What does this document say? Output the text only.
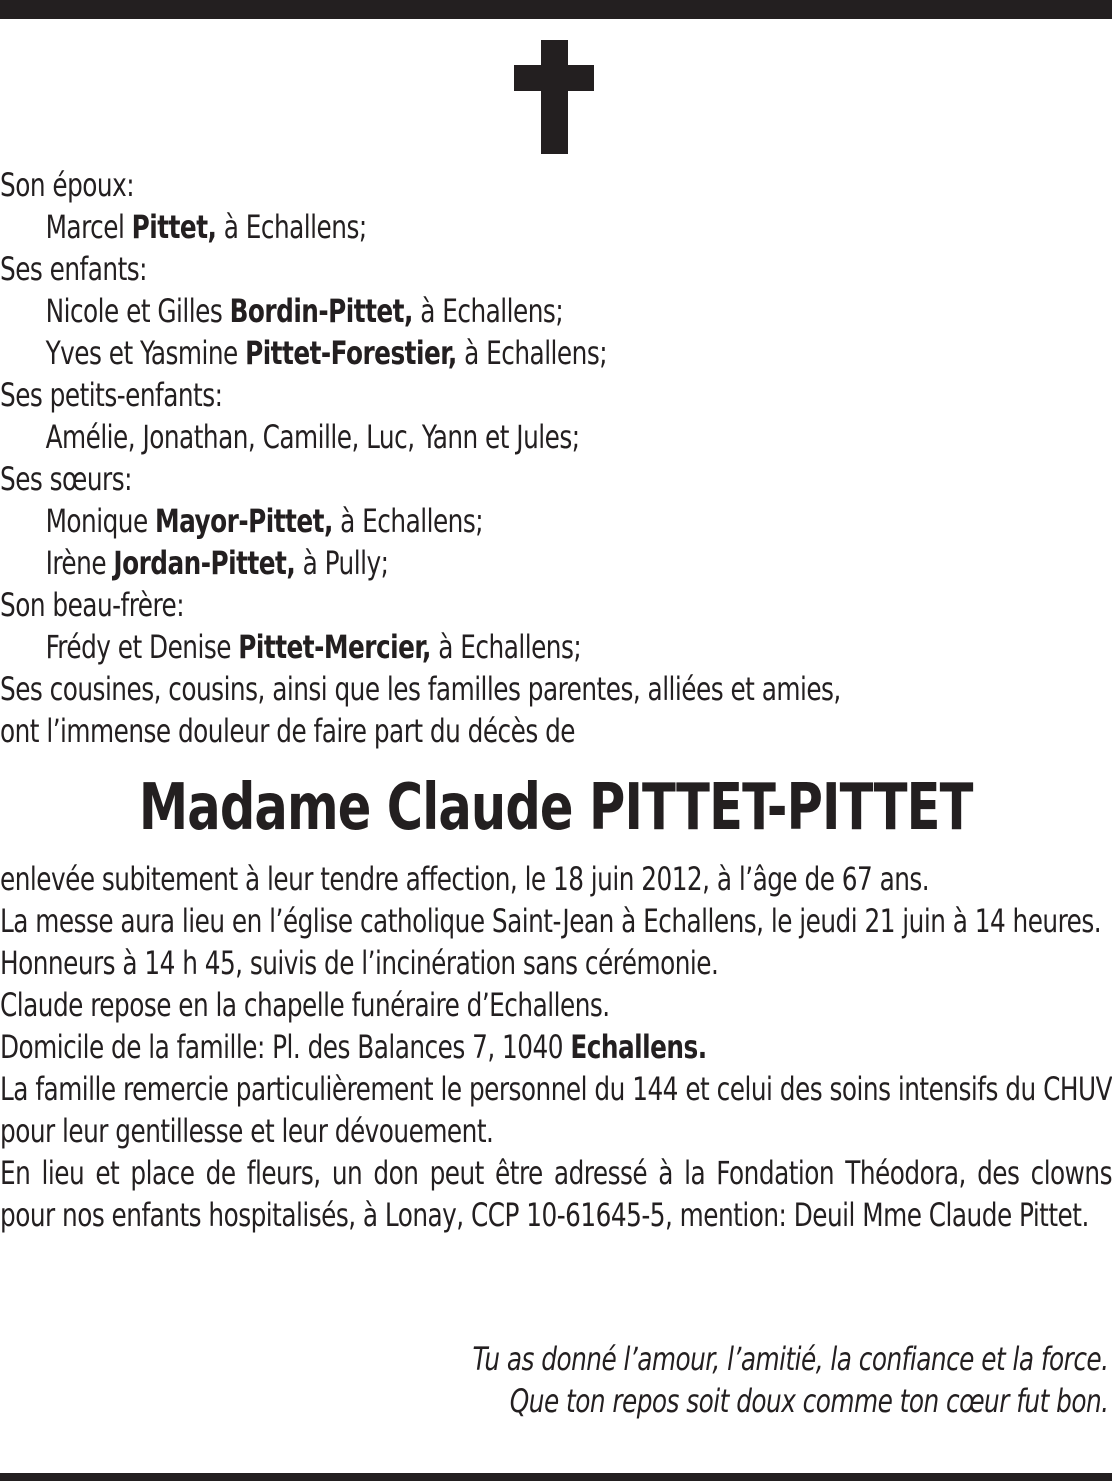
Son époux:
Marcel Pittet, à Echallens;
Ses enfants:
Nicole et Gilles Bordin-Pittet, à Echallens;
Yves et Yasmine Pittet-Forestier, à Echallens;
Ses petits-enfants:
Amélie, Jonathan, Camille, Luc, Yann et Jules;
Ses sœurs:
Monique Mayor-Pittet, à Echallens;
Irène Jordan-Pittet, à Pully;
Son beau-frère:
Frédy et Denise Pittet-Mercier, à Echallens;
Ses cousines, cousins, ainsi que les familles parentes, alliées et amies,
ont l’immense douleur de faire part du décès de
Madame Claude PITTET-PITTET
enlevée subitement à leur tendre affection, le 18 juin 2012, à l’âge de 67 ans.
La messe aura lieu en l’église catholique Saint-Jean à Echallens, le jeudi 21 juin à 14 heures.
Honneurs à 14 h 45, suivis de l’incinération sans cérémonie.
Claude repose en la chapelle funéraire d’Echallens.
Domicile de la famille: Pl. des Balances 7, 1040 Echallens.
La famille remercie particulièrement le personnel du 144 et celui des soins intensifs du CHUV pour leur gentillesse et leur dévouement.
En lieu et place de fleurs, un don peut être adressé à la Fondation Théodora, des clowns pour nos enfants hospitalisés, à Lonay, CCP 10-61645-5, mention: Deuil Mme Claude Pittet.
Tu as donné l’amour, l’amitié, la confiance et la force.
Que ton repos soit doux comme ton cœur fut bon.
